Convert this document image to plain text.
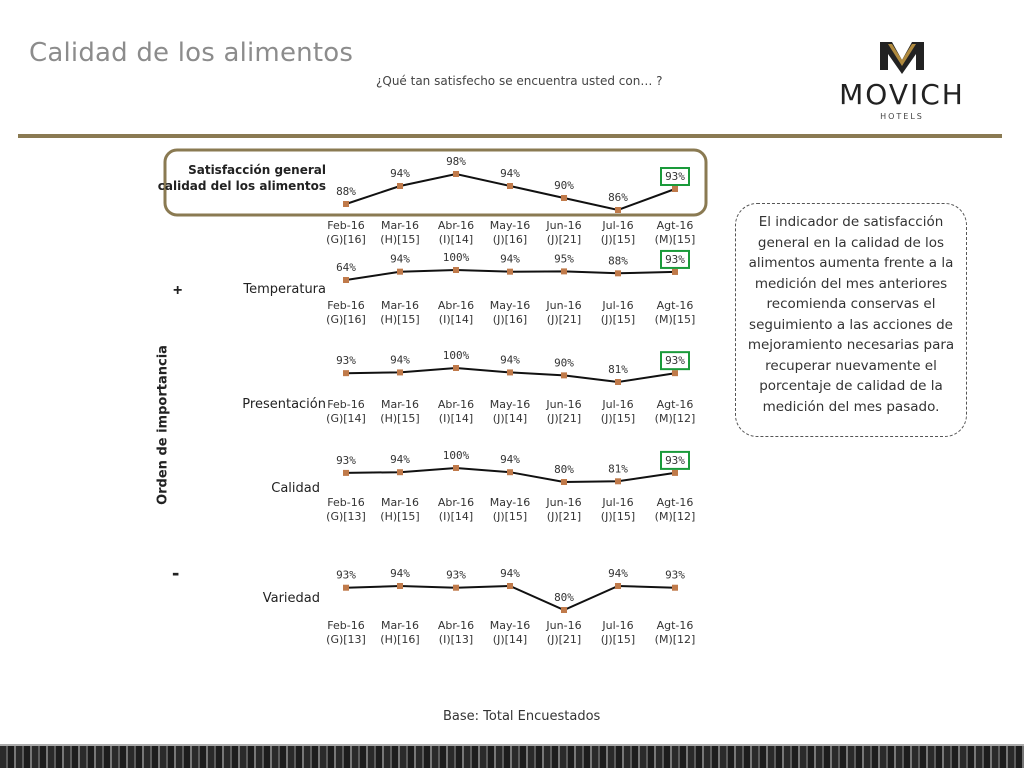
Calidad de los alimentos
¿Qué tan satisfecho se encuentra usted con… ?	MOVICH
HOTELS
Satisfacción general
calidad del los alimentos 88%
Feb-16
(G)[16]
94%
Mar-16
(H)[15]
98%
Abr-16
(I)[14]
94%
May-16
(J)[16]
90%
Jun-16
(J)[21]
86%
Jul-16
(J)[15]
93%
Agt-16
(M)[15]
Temperatura
64%
Feb-16
(G)[16]
94%
Mar-16
(H)[15]
100%
Abr-16
(I)[14]
94%
May-16
(J)[16]
95%
Jun-16
(J)[21]
88%
Jul-16
(J)[15]
93%
Agt-16
(M)[15]
Presentación
93%
Feb-16
(G)[14]
94%
Mar-16
(H)[15]
100%
Abr-16
(I)[14]
94%
May-16
(J)[14]
90%
Jun-16
(J)[21]
81%
Jul-16
(J)[15]
93%
Agt-16
(M)[12]
Calidad
93%
Feb-16
(G)[13]
94%
Mar-16
(H)[15]
100%
Abr-16
(I)[14]
94%
May-16
(J)[15]
80%
Jun-16
(J)[21]
81%
Jul-16
(J)[15]
93%
Agt-16
(M)[12]
Variedad
93%
Feb-16
(G)[13]
94%
Mar-16
(H)[16]
93%
Abr-16
(I)[13]
94%
May-16
(J)[14]
80%
Jun-16
(J)[21]
94%
Jul-16
(J)[15]
93%
Agt-16
(M)[12]
+
-
Orden de importancia
El indicador de satisfacción general en la calidad de los alimentos aumenta frente a la medición del mes anteriores recomienda conservas el seguimiento a las acciones de mejoramiento necesarias para recuperar nuevamente el porcentaje de calidad de la medición del mes pasado.
Base: Total Encuestados
